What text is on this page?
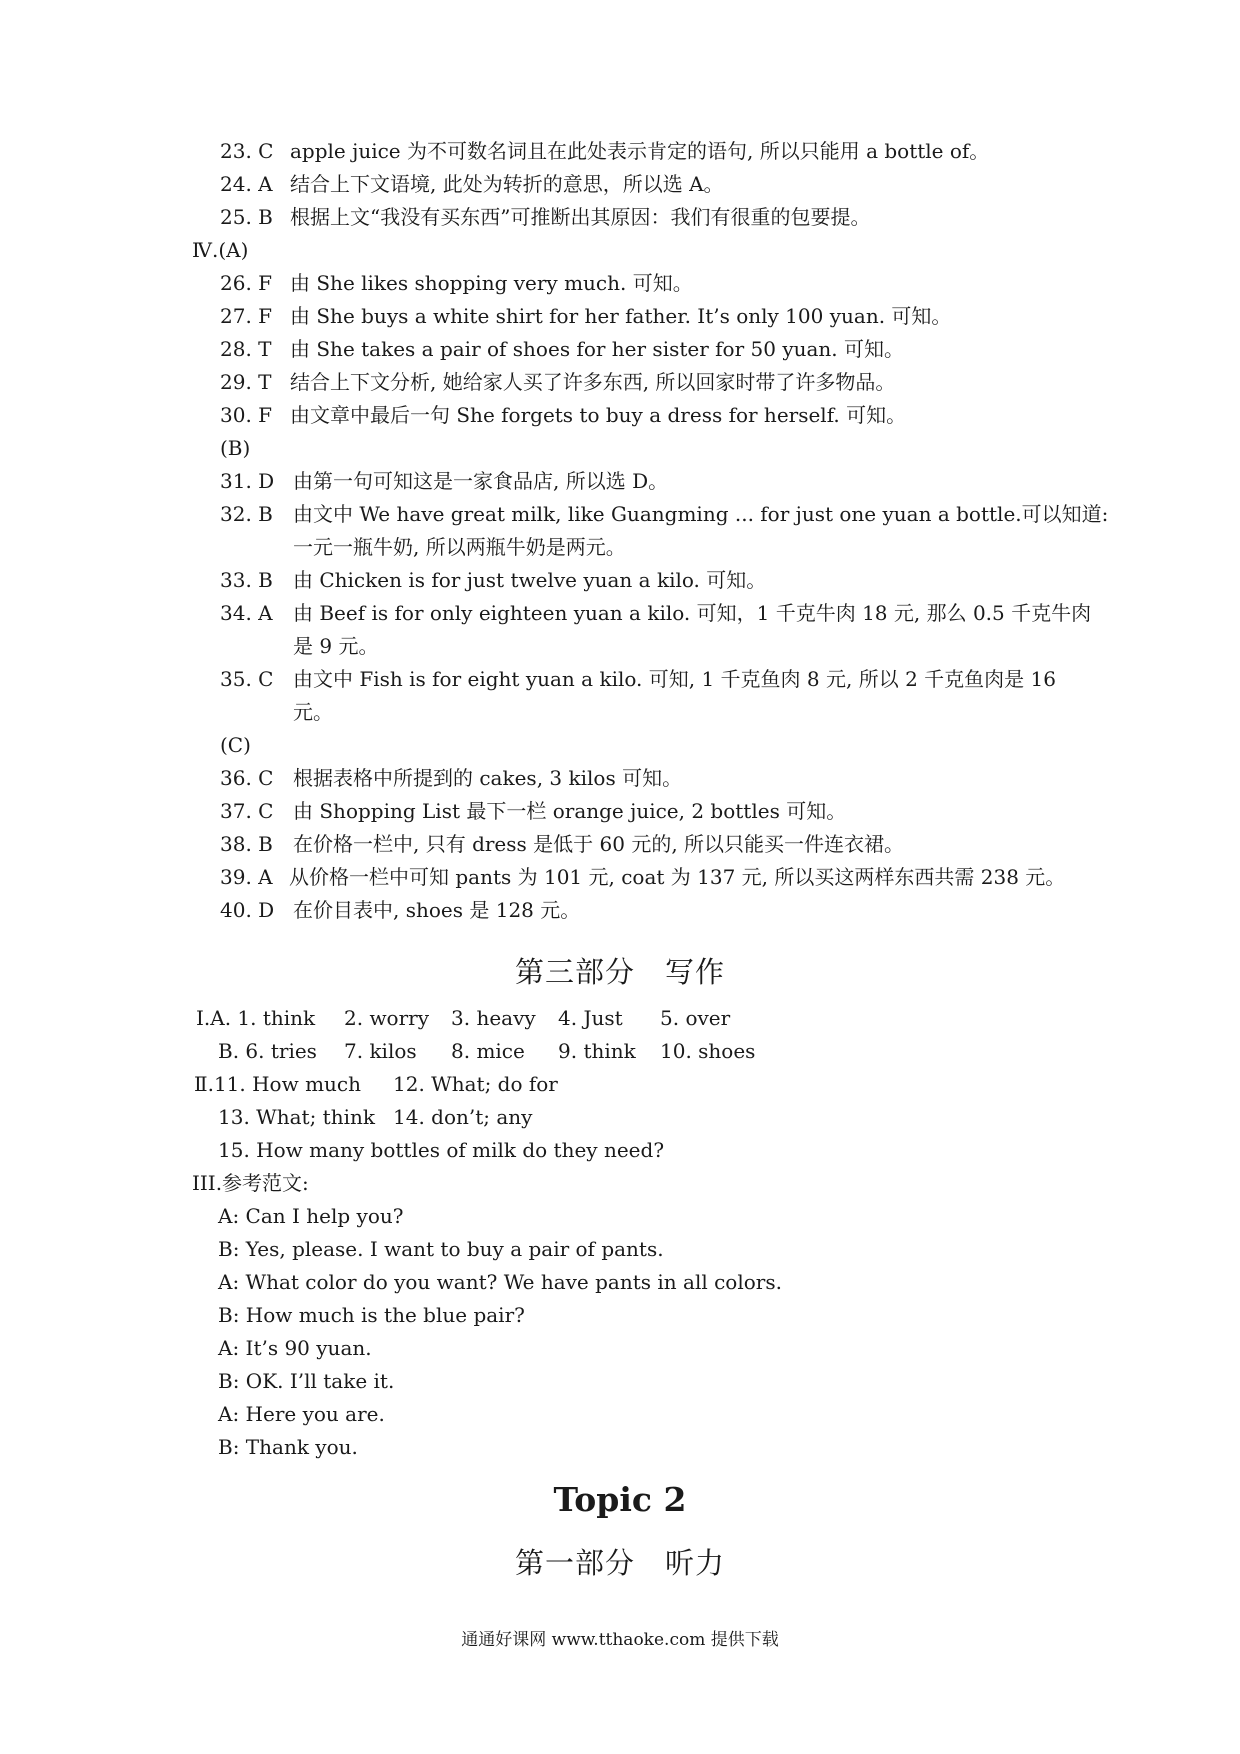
23. C apple juice 为不可数名词且在此处表示肯定的语句, 所以只能用 a bottle of。
24. A 结合上下文语境, 此处为转折的意思，所以选 A。
25. B 根据上文“我没有买东西”可推断出其原因：我们有很重的包要提。
Ⅳ.(A)
26. F 由 She likes shopping very much. 可知。
27. F 由 She buys a white shirt for her father. It’s only 100 yuan. 可知。
28. T 由 She takes a pair of shoes for her sister for 50 yuan. 可知。
29. T 结合上下文分析, 她给家人买了许多东西, 所以回家时带了许多物品。
30. F 由文章中最后一句 She forgets to buy a dress for herself. 可知。
(B)
31. D 由第一句可知这是一家食品店, 所以选 D。
32. B 由文中 We have great milk, like Guangming ... for just one yuan a bottle.可以知道:
一元一瓶牛奶, 所以两瓶牛奶是两元。
33. B 由 Chicken is for just twelve yuan a kilo. 可知。
34. A 由 Beef is for only eighteen yuan a kilo. 可知，1 千克牛肉 18 元, 那么 0.5 千克牛肉
是 9 元。
35. C 由文中 Fish is for eight yuan a kilo. 可知, 1 千克鱼肉 8 元, 所以 2 千克鱼肉是 16
元。
(C)
36. C 根据表格中所提到的 cakes, 3 kilos 可知。
37. C 由 Shopping List 最下一栏 orange juice, 2 bottles 可知。
38. B 在价格一栏中, 只有 dress 是低于 60 元的, 所以只能买一件连衣裙。
39. A 从价格一栏中可知 pants 为 101 元, coat 为 137 元, 所以买这两样东西共需 238 元。
40. D 在价目表中, shoes 是 128 元。
第三部分　写作
Ⅰ.A. 1. think 2. worry 3. heavy 4. Just 5. over
B. 6. tries 7. kilos 8. mice 9. think 10. shoes
Ⅱ.11. How much 12. What; do for
13. What; think 14. don’t; any
15. How many bottles of milk do they need?
III.参考范文:
A: Can I help you?
B: Yes, please. I want to buy a pair of pants.
A: What color do you want? We have pants in all colors.
B: How much is the blue pair?
A: It’s 90 yuan.
B: OK. I’ll take it.
A: Here you are.
B: Thank you.
Topic 2
第一部分　听力
通通好课网 www.tthaoke.com 提供下载
